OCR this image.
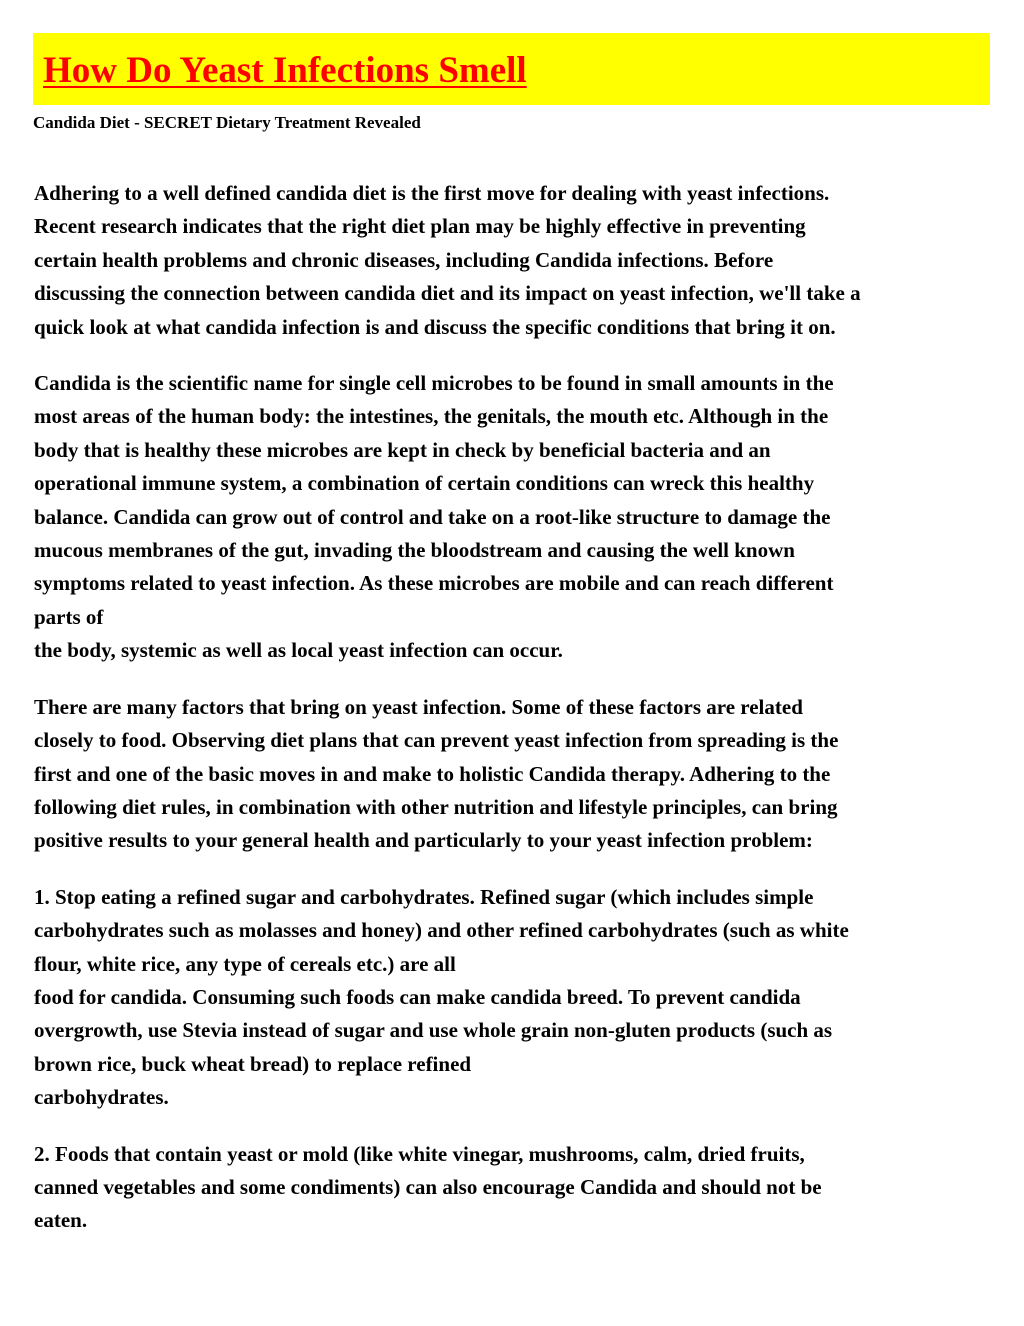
How Do Yeast Infections Smell
Candida Diet - SECRET Dietary Treatment Revealed

Adhering to a well defined candida diet is the first move for dealing with yeast infections.
Recent research indicates that the right diet plan may be highly effective in preventing
certain health problems and chronic diseases, including Candida infections. Before
discussing the connection between candida diet and its impact on yeast infection, we'll take a
quick look at what candida infection is and discuss the specific conditions that bring it on.

Candida is the scientific name for single cell microbes to be found in small amounts in the
most areas of the human body: the intestines, the genitals, the mouth etc. Although in the
body that is healthy these microbes are kept in check by beneficial bacteria and an
operational immune system, a combination of certain conditions can wreck this healthy
balance. Candida can grow out of control and take on a root-like structure to damage the
mucous membranes of the gut, invading the bloodstream and causing the well known
symptoms related to yeast infection. As these microbes are mobile and can reach different
parts of
the body, systemic as well as local yeast infection can occur.

There are many factors that bring on yeast infection. Some of these factors are related
closely to food. Observing diet plans that can prevent yeast infection from spreading is the
first and one of the basic moves in and make to holistic Candida therapy. Adhering to the
following diet rules, in combination with other nutrition and lifestyle principles, can bring
positive results to your general health and particularly to your yeast infection problem:

1. Stop eating a refined sugar and carbohydrates. Refined sugar (which includes simple
carbohydrates such as molasses and honey) and other refined carbohydrates (such as white
flour, white rice, any type of cereals etc.) are all
food for candida. Consuming such foods can make candida breed. To prevent candida
overgrowth, use Stevia instead of sugar and use whole grain non-gluten products (such as
brown rice, buck wheat bread) to replace refined
carbohydrates.

2. Foods that contain yeast or mold (like white vinegar, mushrooms, calm, dried fruits,
canned vegetables and some condiments) can also encourage Candida and should not be
eaten.
